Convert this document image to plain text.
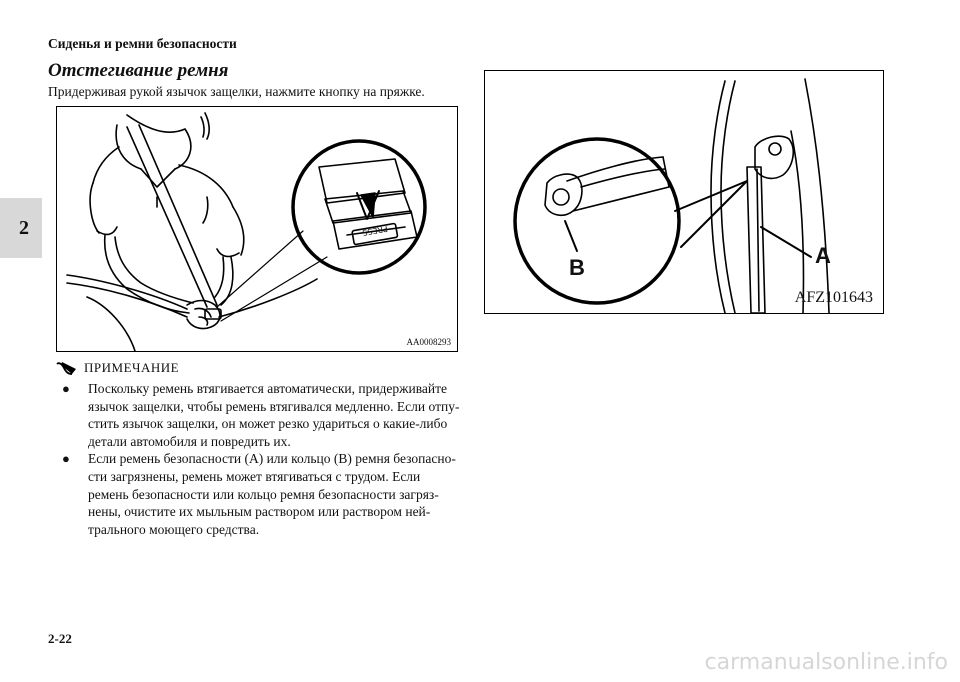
2
Сиденья и ремни безопасности
Отстегивание ремня
Придерживая рукой язычок защелки, нажмите кнопку на пряжке.
PRESS
AA0008293
A
B
AFZ101643
ПРИМЕЧАНИЕ
●	Поскольку ремень втягивается автоматически, придерживайте язычок защелки, чтобы ремень втягивался медленно. Если отпу-стить язычок защелки, он может резко удариться о какие-либо детали автомобиля и повредить их.
●	Если ремень безопасности (A) или кольцо (B) ремня безопасно-сти загрязнены, ремень может втягиваться с трудом. Если ремень безопасности или кольцо ремня безопасности загряз-нены, очистите их мыльным раствором или раствором ней-трального моющего средства.
2-22
carmanualsonline.info
